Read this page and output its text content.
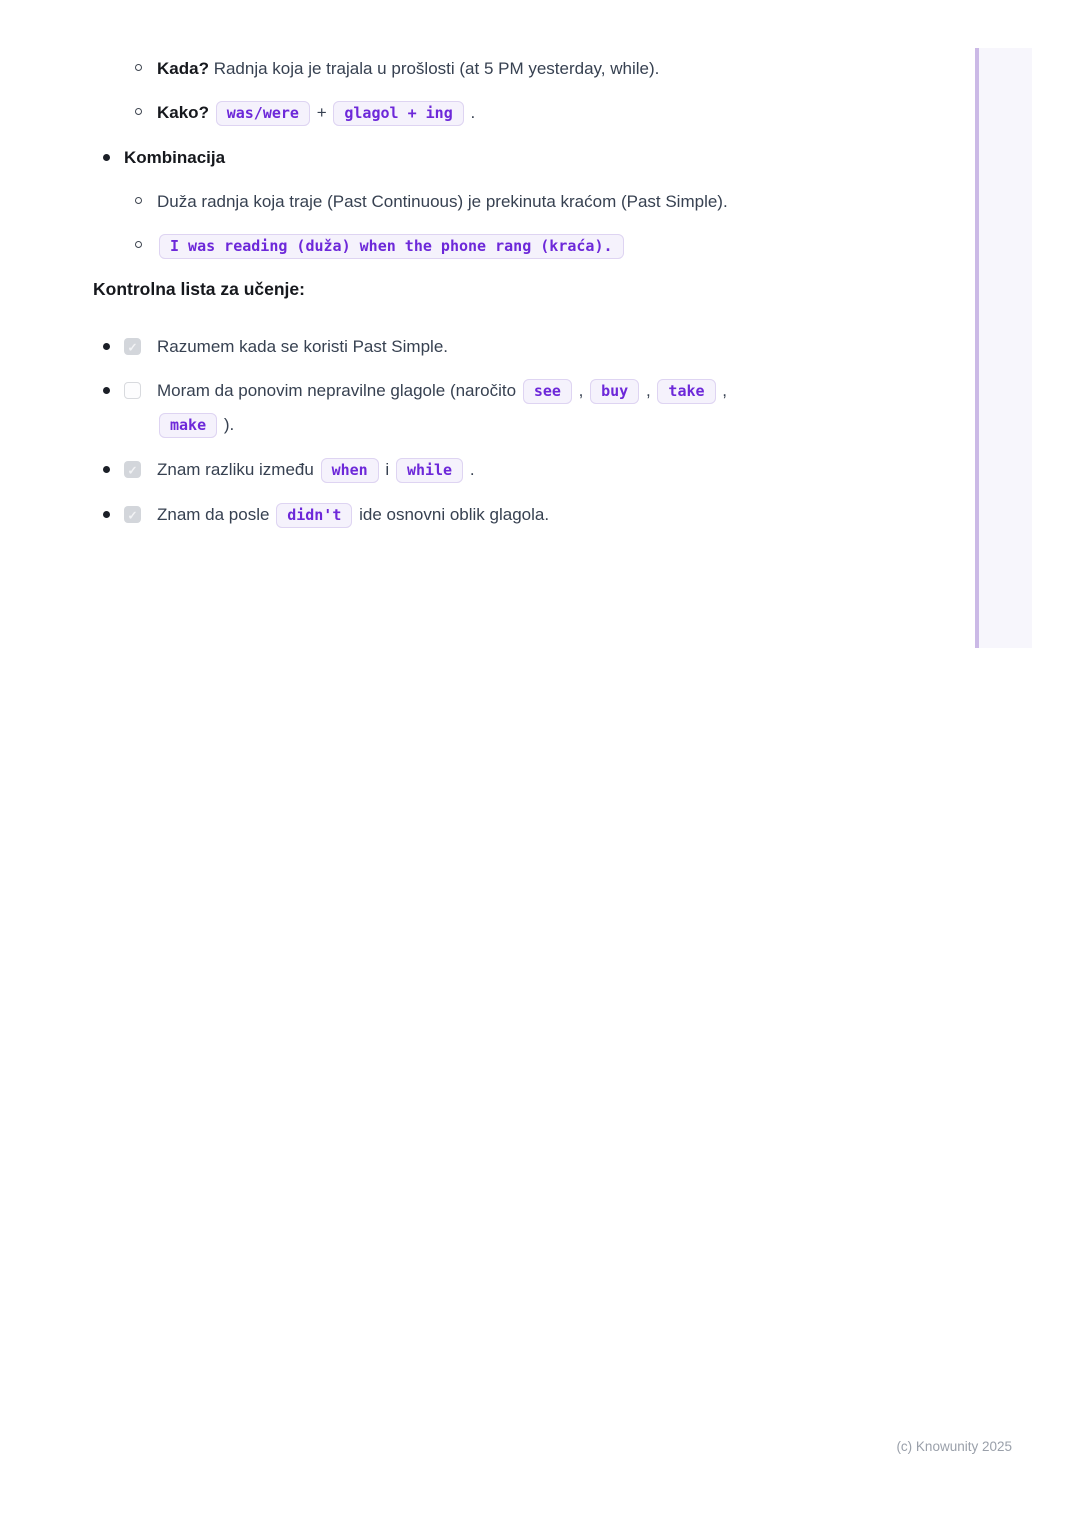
Kada? Radnja koja je trajala u prošlosti (at 5 PM yesterday, while).
Kako? was/were + glagol + ing .
Kombinacija
Duža radnja koja traje (Past Continuous) je prekinuta kraćom (Past Simple).
I was reading (duža) when the phone rang (kraća).
Kontrolna lista za učenje:
✓ Razumem kada se koristi Past Simple.
Moram da ponovim nepravilne glagole (naročito see , buy , take , make ).
✓ Znam razliku između when i while .
✓ Znam da posle didn't ide osnovni oblik glagola.
(c) Knowunity 2025
